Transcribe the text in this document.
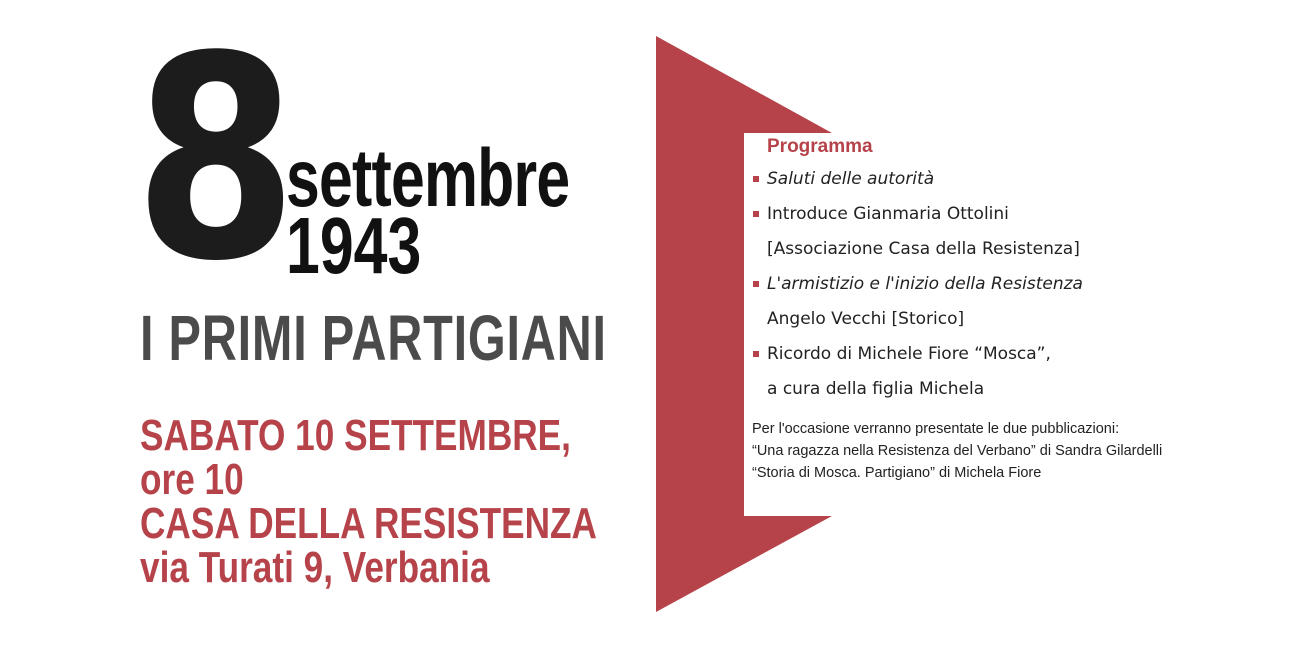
8
settembre
1943
I PRIMI PARTIGIANI
SABATO 10 SETTEMBRE,
ore 10
CASA DELLA RESISTENZA
via Turati 9, Verbania
Programma
Saluti delle autorità
Introduce Gianmaria Ottolini
[Associazione Casa della Resistenza]
L'armistizio e l'inizio della Resistenza
Angelo Vecchi [Storico]
Ricordo di Michele Fiore “Mosca”,
a cura della figlia Michela
Per l'occasione verranno presentate le due pubblicazioni:
“Una ragazza nella Resistenza del Verbano” di Sandra Gilardelli
“Storia di Mosca. Partigiano” di Michela Fiore
